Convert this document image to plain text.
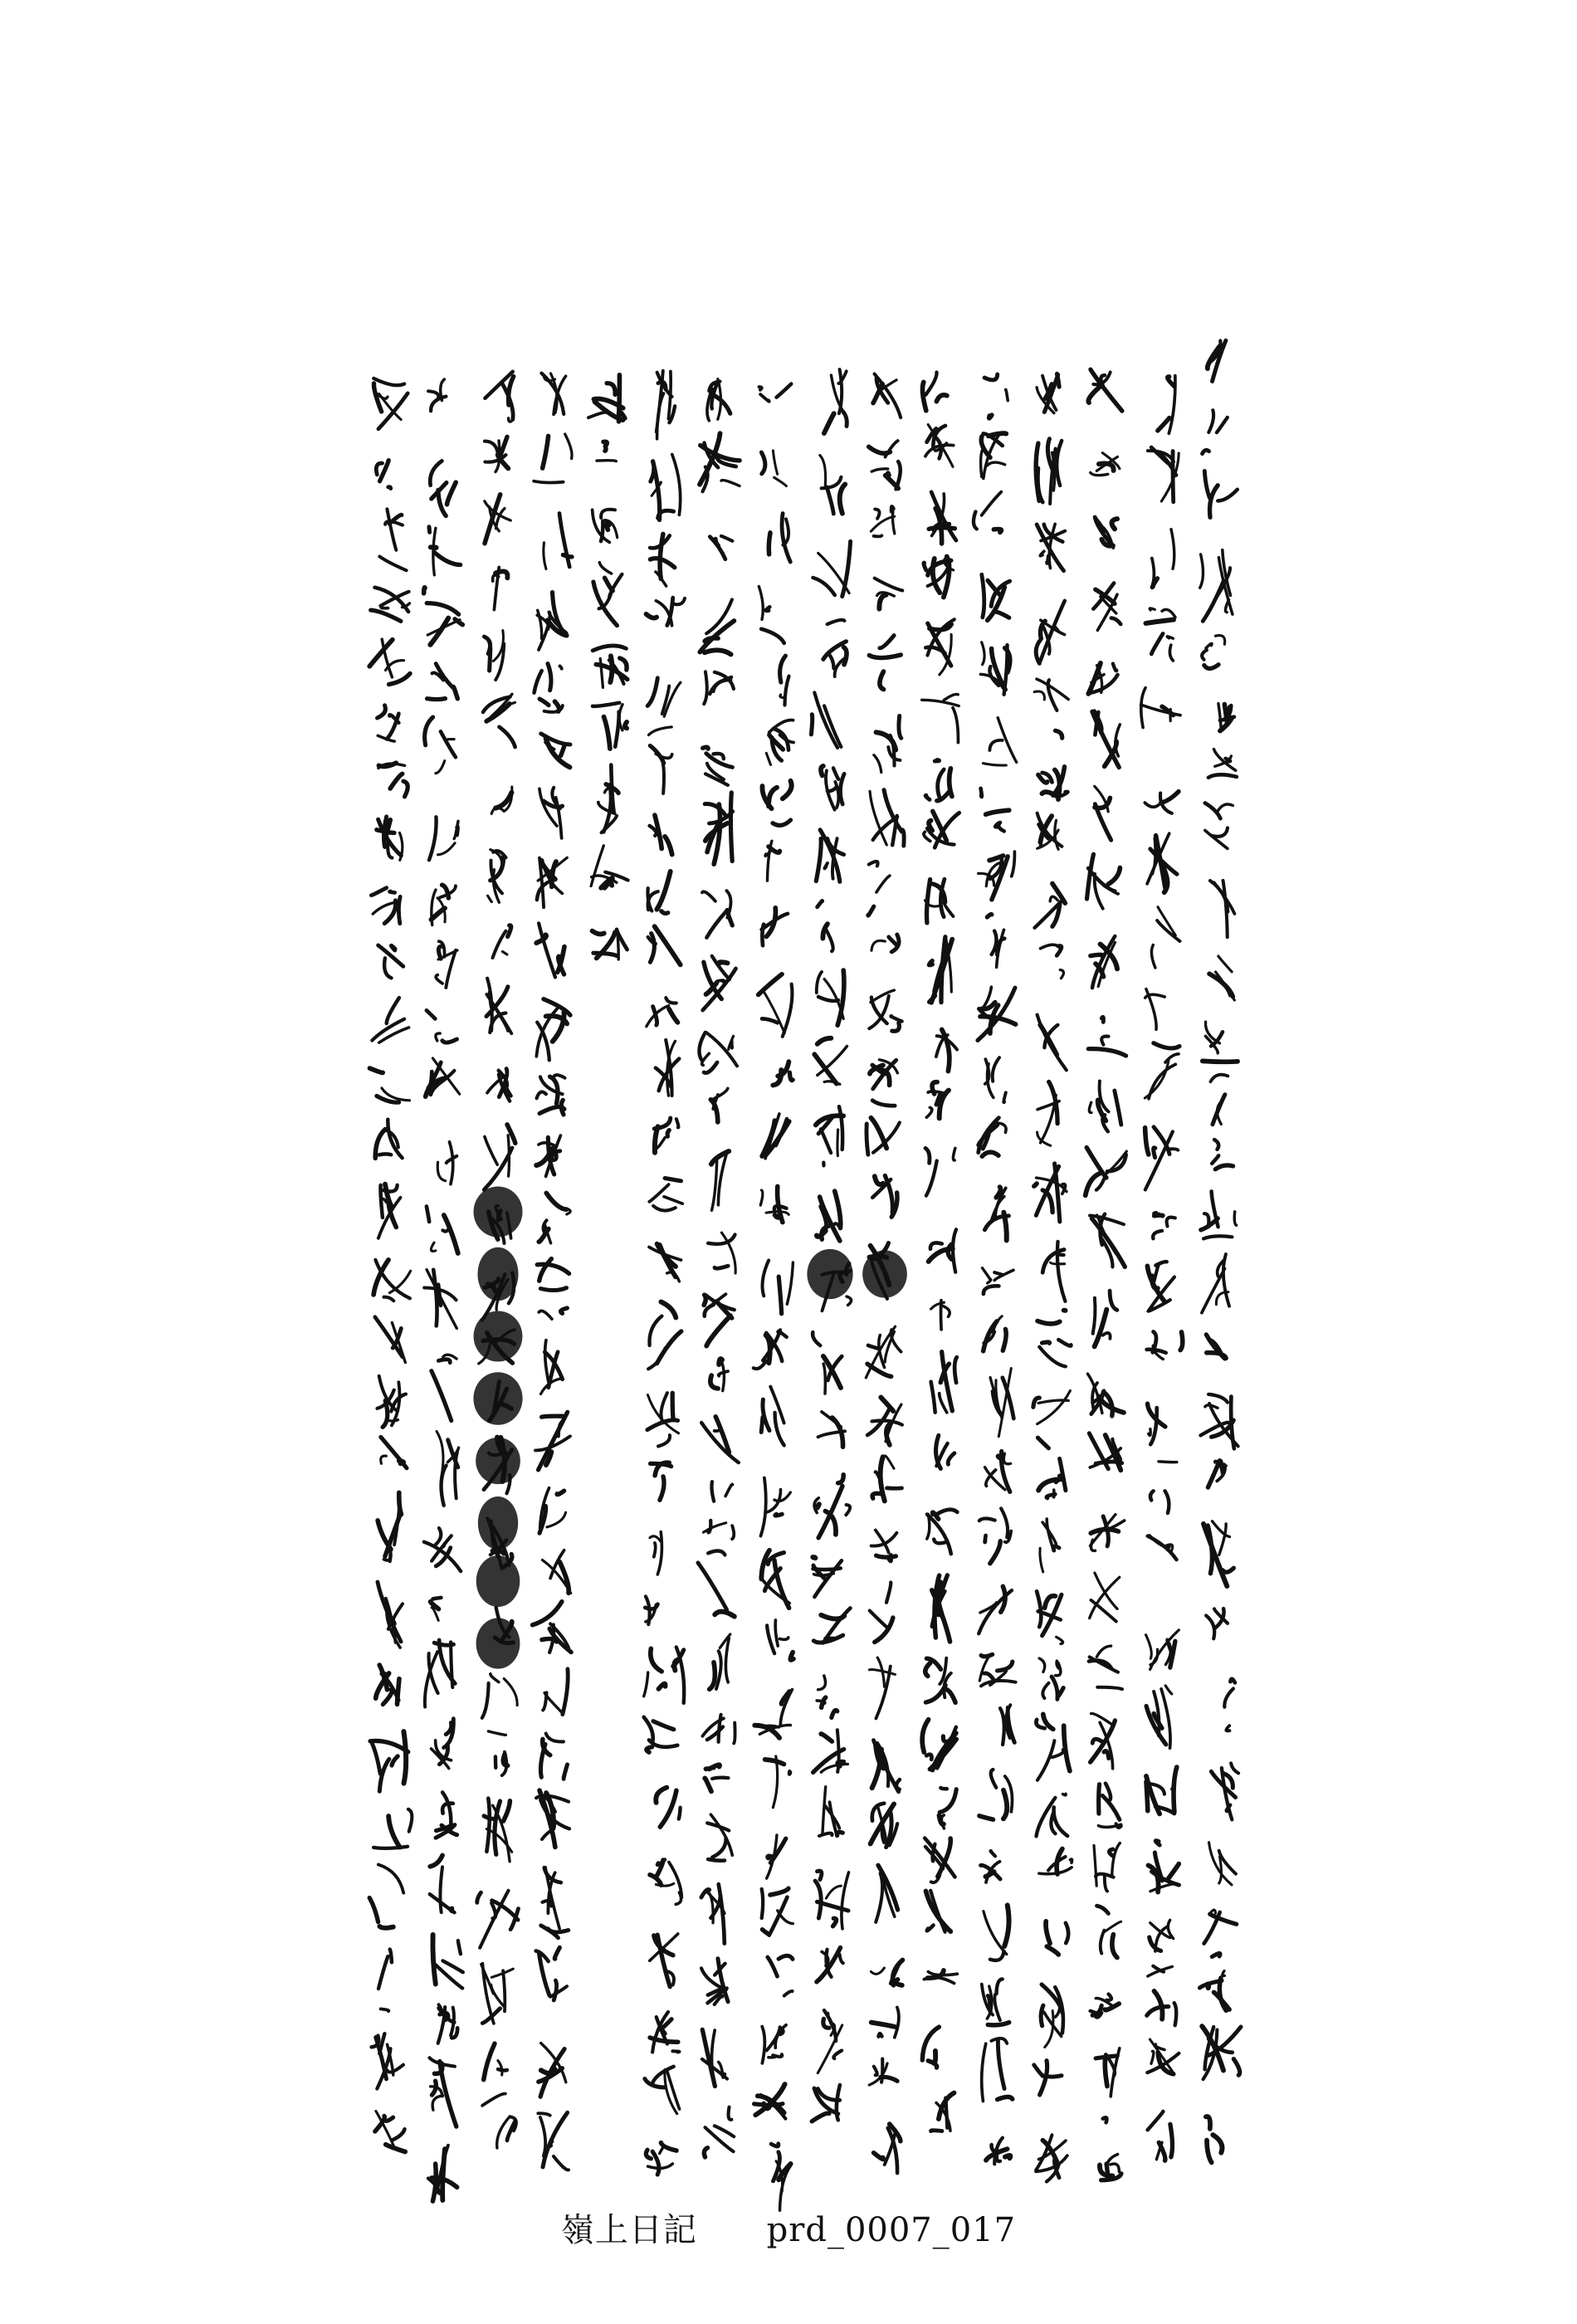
嶺上日記 prd_0007_017
